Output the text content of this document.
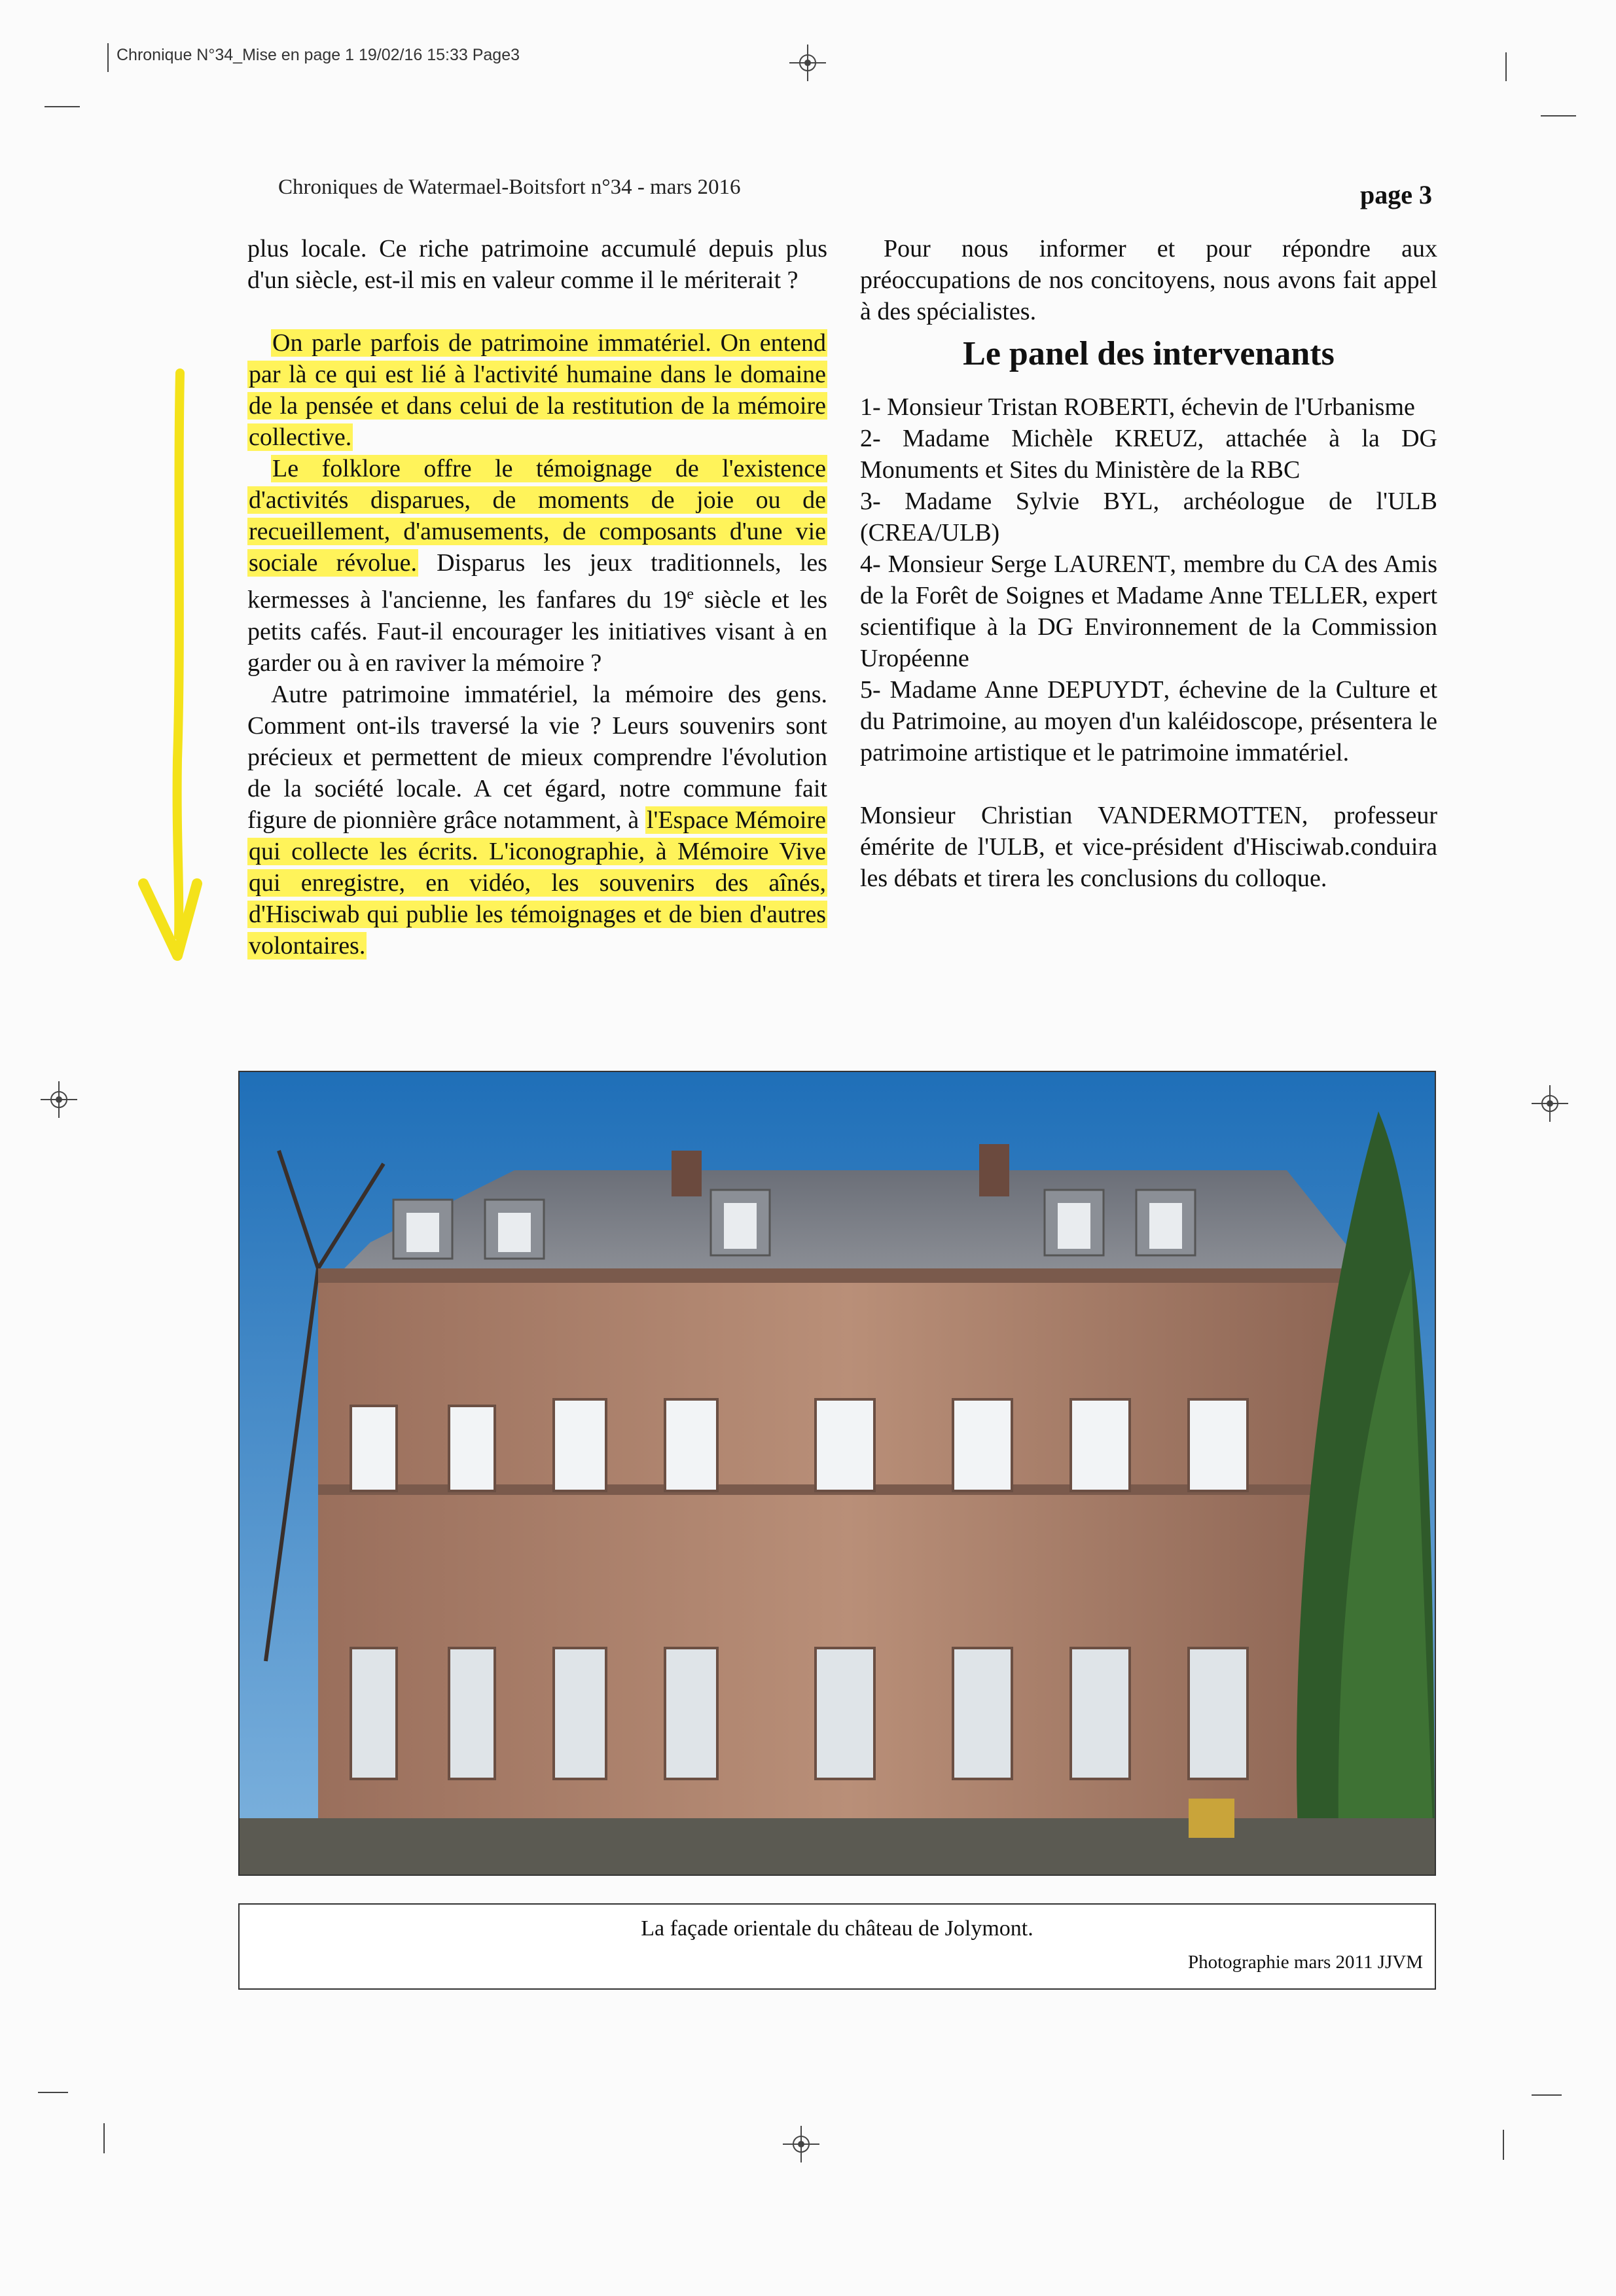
Chronique N°34_Mise en page 1 19/02/16 15:33 Page3
Chroniques de Watermael-Boitsfort n°34 - mars 2016	page 3

plus locale. Ce riche patrimoine accumulé depuis plus d'un siècle, est-il mis en valeur comme il le mériterait ?

On parle parfois de patrimoine immatériel. On entend par là ce qui est lié à l'activité humaine dans le domaine de la pensée et dans celui de la restitution de la mémoire collective.

Le folklore offre le témoignage de l'existence d'activités disparues, de moments de joie ou de recueillement, d'amusements, de composants d'une vie sociale révolue. Disparus les jeux traditionnels, les kermesses à l'ancienne, les fanfares du 19e siècle et les petits cafés. Faut-il encourager les initiatives visant à en garder ou à en raviver la mémoire ?

Autre patrimoine immatériel, la mémoire des gens. Comment ont-ils traversé la vie ? Leurs souvenirs sont précieux et permettent de mieux comprendre l'évolution de la société locale. A cet égard, notre commune fait figure de pionnière grâce notamment, à l'Espace Mémoire qui collecte les écrits. L'iconographie, à Mémoire Vive qui enregistre, en vidéo, les souvenirs des aînés, d'Hisciwab qui publie les témoignages et de bien d'autres volontaires.

Pour nous informer et pour répondre aux préoccupations de nos concitoyens, nous avons fait appel à des spécialistes.

Le panel des intervenants

1- Monsieur Tristan ROBERTI, échevin de l'Urbanisme

2- Madame Michèle KREUZ, attachée à la DG Monuments et Sites du Ministère de la RBC

3- Madame Sylvie BYL, archéologue de l'ULB (CREA/ULB)

4- Monsieur Serge LAURENT, membre du CA des Amis de la Forêt de Soignes et Madame Anne TELLER, expert scientifique à la DG Environnement de la Commission Uropéenne

5- Madame Anne DEPUYDT, échevine de la Culture et du Patrimoine, au moyen d'un kaléidoscope, présentera le patrimoine artistique et le patrimoine immatériel.

Monsieur Christian VANDERMOTTEN, professeur émérite de l'ULB, et vice-président d'Hisciwab.conduira les débats et tirera les conclusions du colloque.

La façade orientale du château de Jolymont.
Photographie mars 2011 JJVM
